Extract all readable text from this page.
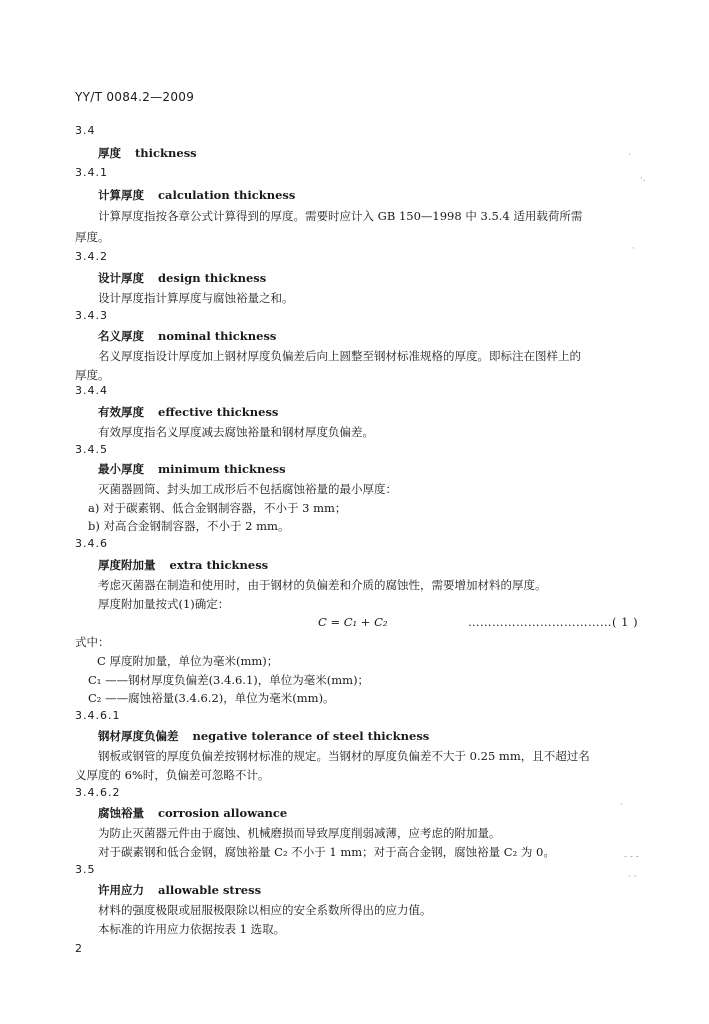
YY/T 0084.2—2009
3.4
厚度 thickness
3.4.1
计算厚度 calculation thickness
计算厚度指按各章公式计算得到的厚度。需要时应计入 GB 150—1998 中 3.5.4 适用载荷所需
厚度。
3.4.2
设计厚度 design thickness
设计厚度指计算厚度与腐蚀裕量之和。
3.4.3
名义厚度 nominal thickness
名义厚度指设计厚度加上钢材厚度负偏差后向上圆整至钢材标准规格的厚度。即标注在图样上的
厚度。
3.4.4
有效厚度 effective thickness
有效厚度指名义厚度减去腐蚀裕量和钢材厚度负偏差。
3.4.5
最小厚度 minimum thickness
灭菌器圆筒、封头加工成形后不包括腐蚀裕量的最小厚度：
a) 对于碳素钢、低合金钢制容器，不小于 3 mm；
b) 对高合金钢制容器，不小于 2 mm。
3.4.6
厚度附加量 extra thickness
考虑灭菌器在制造和使用时，由于钢材的负偏差和介质的腐蚀性，需要增加材料的厚度。
厚度附加量按式(1)确定：
C = C₁ + C₂	………………………………( 1 )
式中：
C 厚度附加量，单位为毫米(mm)；
C₁ ——钢材厚度负偏差(3.4.6.1)，单位为毫米(mm)；
C₂ ——腐蚀裕量(3.4.6.2)，单位为毫米(mm)。
3.4.6.1
钢材厚度负偏差 negative tolerance of steel thickness
钢板或钢管的厚度负偏差按钢材标准的规定。当钢材的厚度负偏差不大于 0.25 mm，且不超过名
义厚度的 6%时，负偏差可忽略不计。
3.4.6.2
腐蚀裕量 corrosion allowance
为防止灭菌器元件由于腐蚀、机械磨损而导致厚度削弱减薄，应考虑的附加量。
对于碳素钢和低合金钢，腐蚀裕量 C₂ 不小于 1 mm；对于高合金钢，腐蚀裕量 C₂ 为 0。
3.5
许用应力 allowable stress
材料的强度极限或屈服极限除以相应的安全系数所得出的应力值。
本标准的许用应力依据按表 1 选取。
2
·
·.
·
·
- - -
· ·
